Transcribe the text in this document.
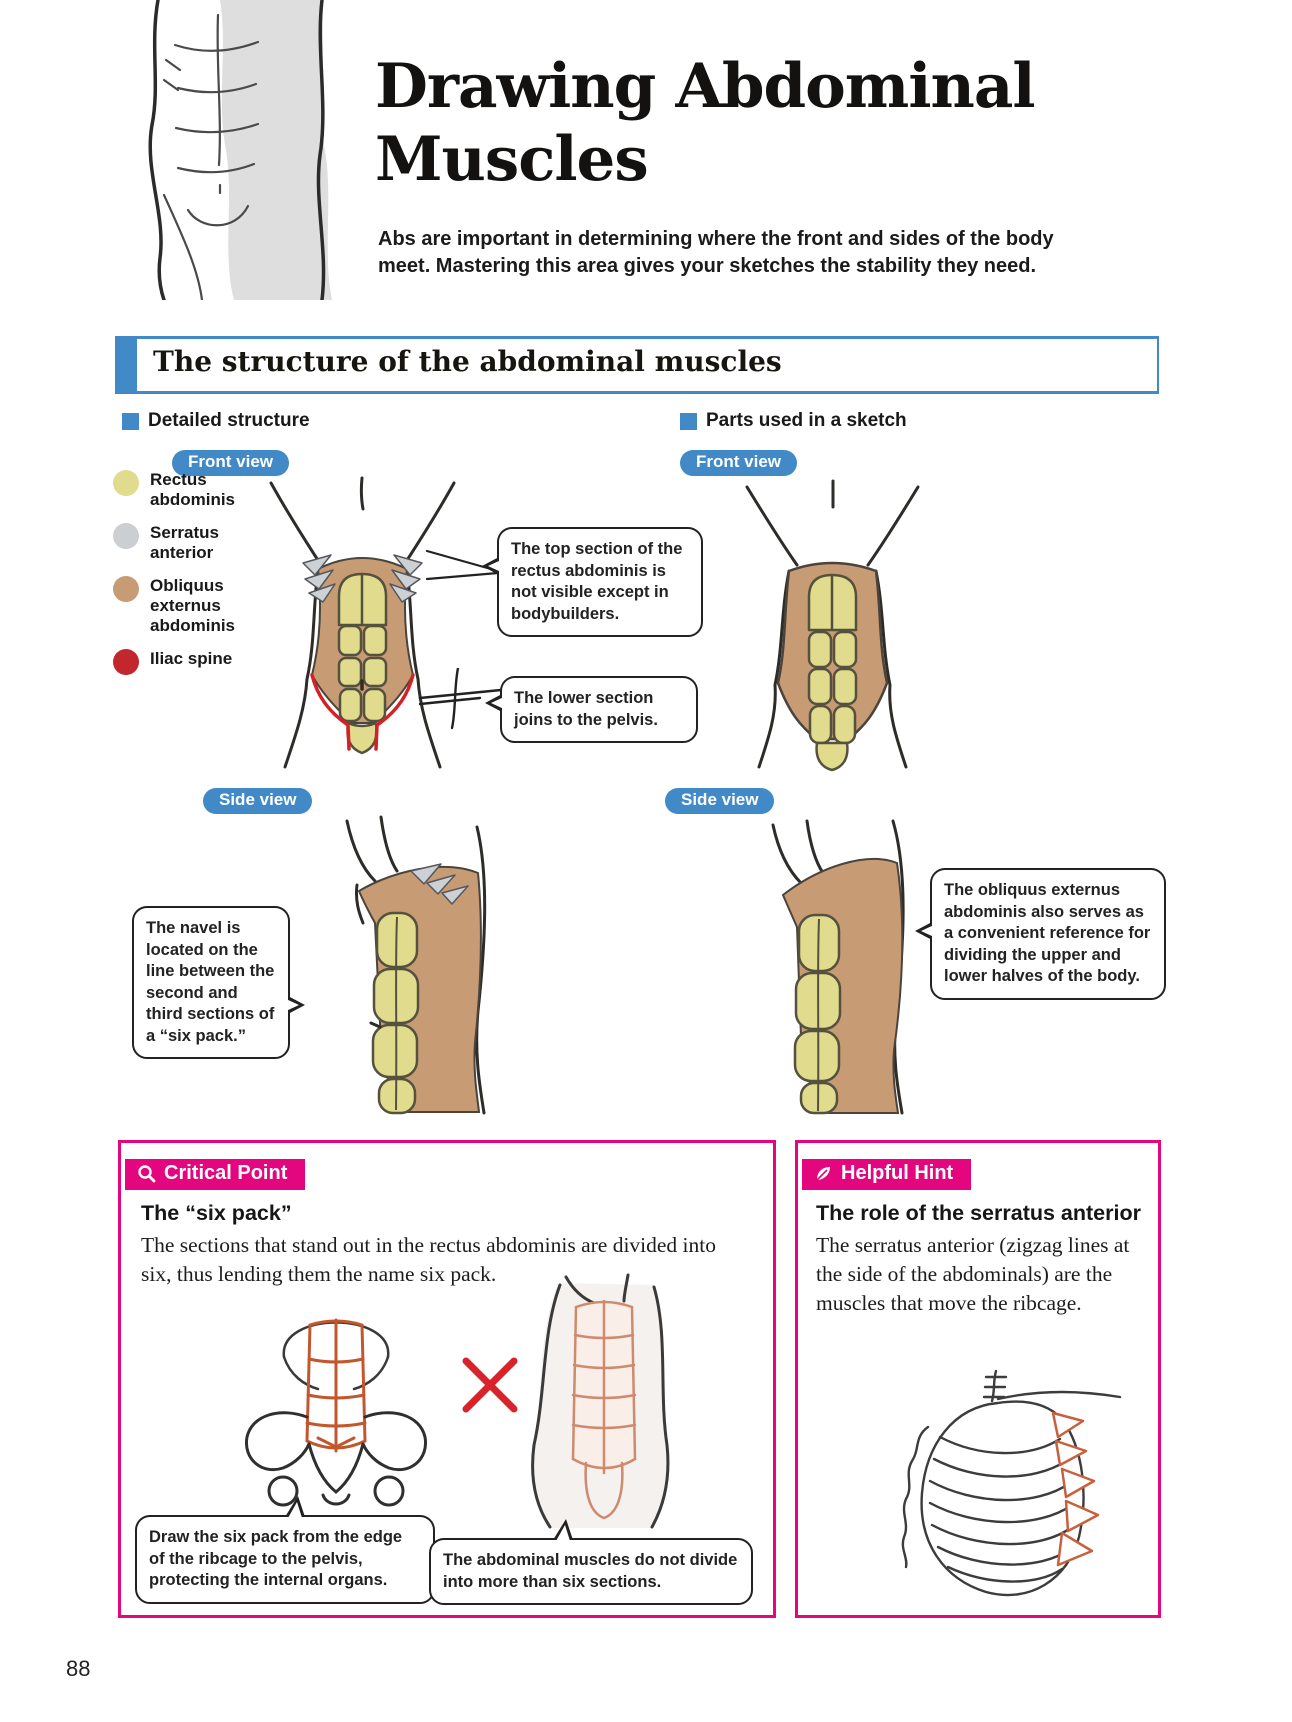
Drawing Abdominal
Muscles
Abs are important in determining where the front and sides of the body meet. Mastering this area gives your sketches the stability they need.
The structure of the abdominal muscles
Detailed structure	Parts used in a sketch
Front view	Front view
Side view	Side view
Rectus abdominis
Serratus anterior
Obliquus externus abdominis
Iliac spine
The top section of the rectus abdominis is not visible except in bodybuilders.
The lower section joins to the pelvis.
The navel is located on the line between the second and third sections of a “six pack.”
The obliquus externus abdominis also serves as a convenient reference for dividing the upper and lower halves of the body.
Critical Point
The “six pack”
The sections that stand out in the rectus abdominis are divided into six, thus lending them the name six pack.
Draw the six pack from the edge of the ribcage to the pelvis, protecting the internal organs.
The abdominal muscles do not divide into more than six sections.
Helpful Hint
The role of the serratus anterior
The serratus anterior (zigzag lines at the side of the abdominals) are the muscles that move the ribcage.
88
